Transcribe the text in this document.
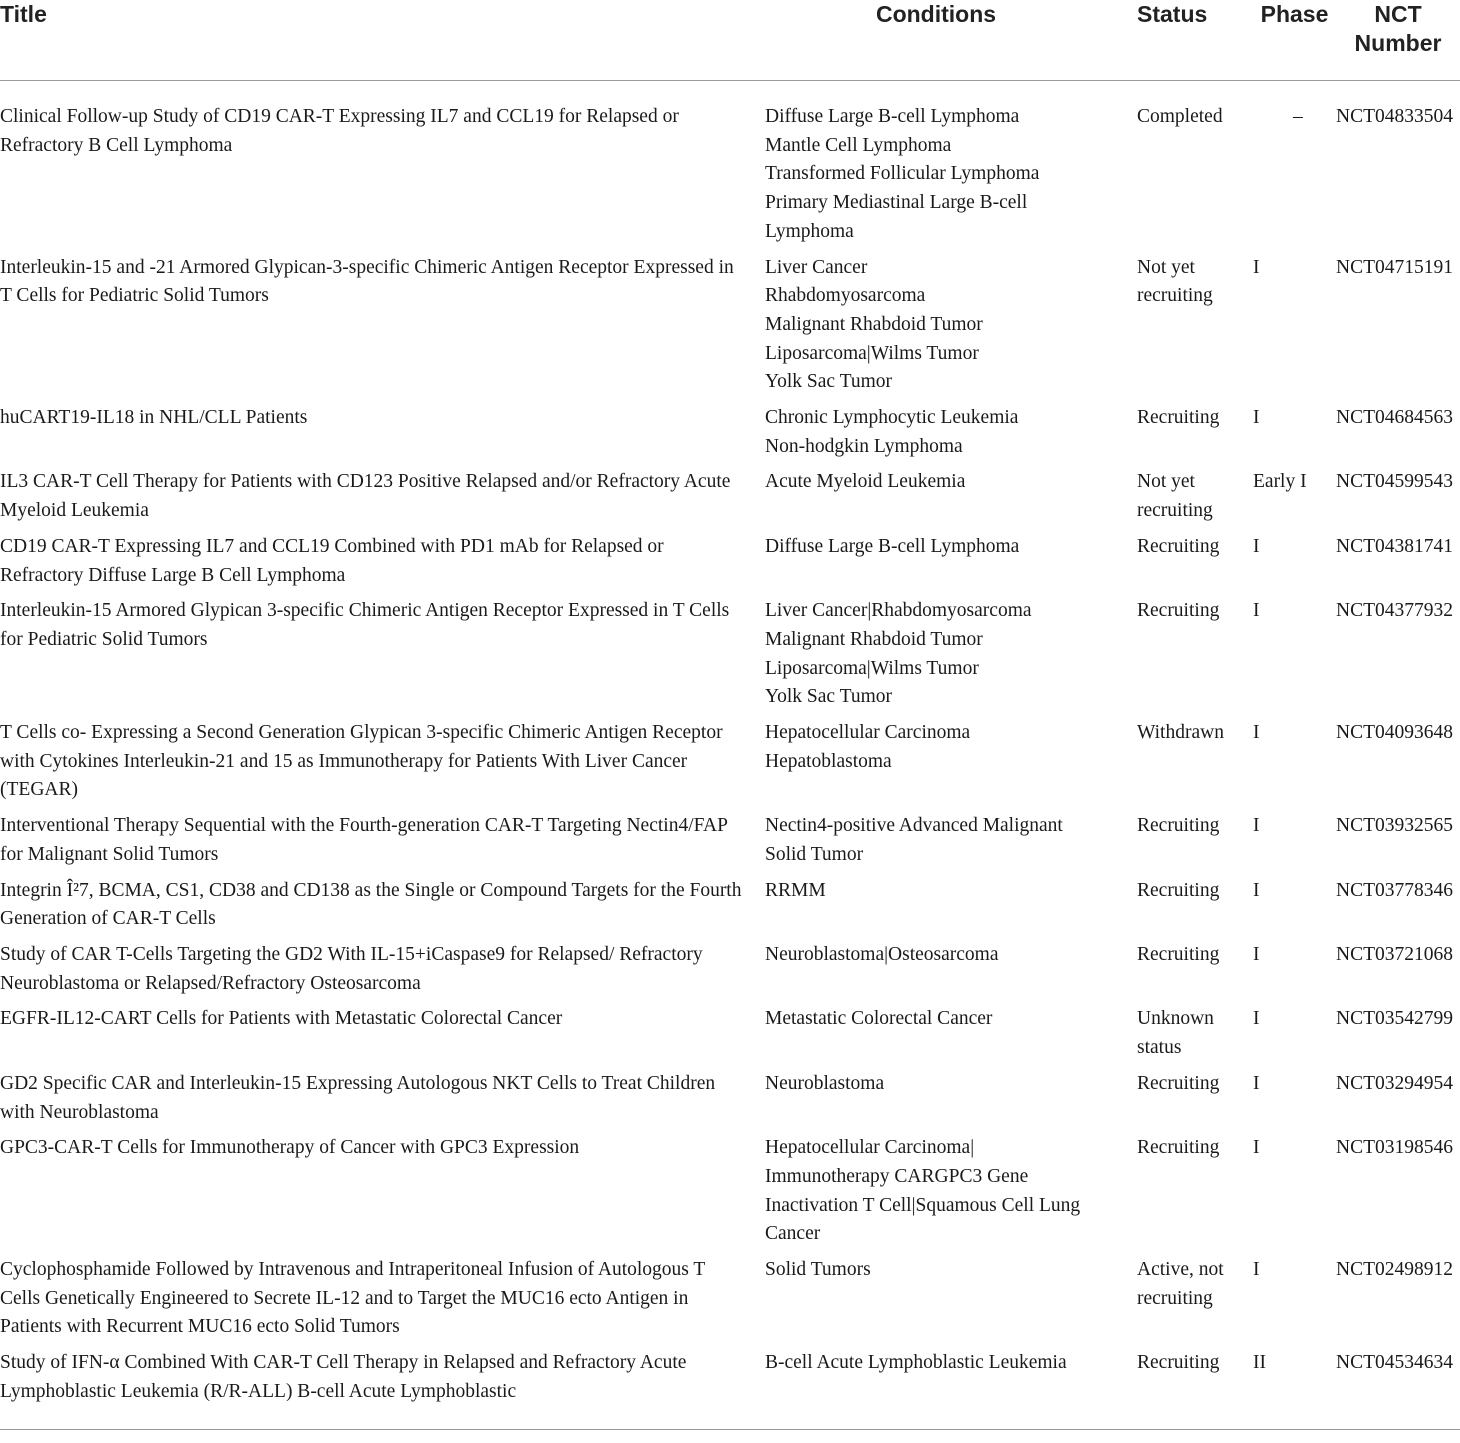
Title	Conditions	Status	Phase	NCT
Number

Clinical Follow-up Study of CD19 CAR-T Expressing IL7 and CCL19 for Relapsed or Refractory B Cell Lymphoma	Diffuse Large B-cell Lymphoma
Mantle Cell Lymphoma
Transformed Follicular Lymphoma
Primary Mediastinal Large B-cell
Lymphoma	Completed	–	NCT04833504
Interleukin-15 and -21 Armored Glypican-3-specific Chimeric Antigen Receptor Expressed in T Cells for Pediatric Solid Tumors	Liver Cancer
Rhabdomyosarcoma
Malignant Rhabdoid Tumor
Liposarcoma|Wilms Tumor
Yolk Sac Tumor	Not yet recruiting	I	NCT04715191
huCART19-IL18 in NHL/CLL Patients	Chronic Lymphocytic Leukemia
Non-hodgkin Lymphoma	Recruiting	I	NCT04684563
IL3 CAR-T Cell Therapy for Patients with CD123 Positive Relapsed and/or Refractory Acute Myeloid Leukemia	Acute Myeloid Leukemia	Not yet recruiting	Early I	NCT04599543
CD19 CAR-T Expressing IL7 and CCL19 Combined with PD1 mAb for Relapsed or Refractory Diffuse Large B Cell Lymphoma	Diffuse Large B-cell Lymphoma	Recruiting	I	NCT04381741
Interleukin-15 Armored Glypican 3-specific Chimeric Antigen Receptor Expressed in T Cells for Pediatric Solid Tumors	Liver Cancer|Rhabdomyosarcoma
Malignant Rhabdoid Tumor
Liposarcoma|Wilms Tumor
Yolk Sac Tumor	Recruiting	I	NCT04377932
T Cells co- Expressing a Second Generation Glypican 3-specific Chimeric Antigen Receptor with Cytokines Interleukin-21 and 15 as Immunotherapy for Patients With Liver Cancer (TEGAR)	Hepatocellular Carcinoma
Hepatoblastoma	Withdrawn	I	NCT04093648
Interventional Therapy Sequential with the Fourth-generation CAR-T Targeting Nectin4/FAP for Malignant Solid Tumors	Nectin4-positive Advanced Malignant
Solid Tumor	Recruiting	I	NCT03932565
Integrin Î²7, BCMA, CS1, CD38 and CD138 as the Single or Compound Targets for the Fourth Generation of CAR-T Cells	RRMM	Recruiting	I	NCT03778346
Study of CAR T-Cells Targeting the GD2 With IL-15+iCaspase9 for Relapsed/ Refractory Neuroblastoma or Relapsed/Refractory Osteosarcoma	Neuroblastoma|Osteosarcoma	Recruiting	I	NCT03721068
EGFR-IL12-CART Cells for Patients with Metastatic Colorectal Cancer	Metastatic Colorectal Cancer	Unknown status	I	NCT03542799
GD2 Specific CAR and Interleukin-15 Expressing Autologous NKT Cells to Treat Children with Neuroblastoma	Neuroblastoma	Recruiting	I	NCT03294954
GPC3-CAR-T Cells for Immunotherapy of Cancer with GPC3 Expression	Hepatocellular Carcinoma|
Immunotherapy CARGPC3 Gene
Inactivation T Cell|Squamous Cell Lung
Cancer	Recruiting	I	NCT03198546
Cyclophosphamide Followed by Intravenous and Intraperitoneal Infusion of Autologous T Cells Genetically Engineered to Secrete IL-12 and to Target the MUC16 ecto Antigen in Patients with Recurrent MUC16 ecto Solid Tumors	Solid Tumors	Active, not recruiting	I	NCT02498912
Study of IFN-α Combined With CAR-T Cell Therapy in Relapsed and Refractory Acute Lymphoblastic Leukemia (R/R-ALL) B-cell Acute Lymphoblastic	B-cell Acute Lymphoblastic Leukemia	Recruiting	II	NCT04534634
